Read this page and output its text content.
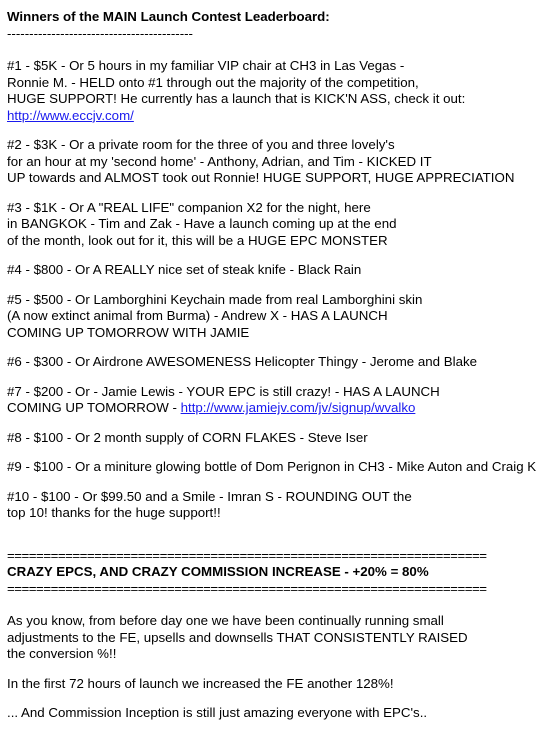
Winners of the MAIN Launch Contest Leaderboard:

------------------------------------------

#1 - $5K - Or 5 hours in my familiar VIP chair at CH3 in Las Vegas -

Ronnie M. - HELD onto #1 through out the majority of the competition,

HUGE SUPPORT! He currently has a launch that is KICK'N ASS, check it out:

http://www.eccjv.com/

#2 - $3K - Or a private room for the three of you and three lovely's

for an hour at my 'second home' - Anthony, Adrian, and Tim - KICKED IT

UP towards and ALMOST took out Ronnie! HUGE SUPPORT, HUGE APPRECIATION

#3 - $1K - Or A "REAL LIFE" companion X2 for the night, here

in BANGKOK - Tim and Zak - Have a launch coming up at the end

of the month, look out for it, this will be a HUGE EPC MONSTER

#4 - $800 - Or A REALLY nice set of steak knife - Black Rain

#5 - $500 - Or Lamborghini Keychain made from real Lamborghini skin

(A now extinct animal from Burma) - Andrew X - HAS A LAUNCH

COMING UP TOMORROW WITH JAMIE

#6 - $300 - Or Airdrone AWESOMENESS Helicopter Thingy - Jerome and Blake

#7 - $200 - Or - Jamie Lewis - YOUR EPC is still crazy! - HAS A LAUNCH

COMING UP TOMORROW - http://www.jamiejv.com/jv/signup/wvalko

#8 - $100 - Or 2 month supply of CORN FLAKES - Steve Iser

#9 - $100 - Or a miniture glowing bottle of Dom Perignon in CH3 - Mike Auton and Craig K

#10 - $100 - Or $99.50 and a Smile - Imran S - ROUNDING OUT the

top 10! thanks for the huge support!!

==================================================================

CRAZY EPCS, AND CRAZY COMMISSION INCREASE - +20% = 80%

==================================================================

As you know, from before day one we have been continually running small

adjustments to the FE, upsells and downsells THAT CONSISTENTLY RAISED

the conversion %!!

In the first 72 hours of launch we increased the FE another 128%!

... And Commission Inception is still just amazing everyone with EPC's..
